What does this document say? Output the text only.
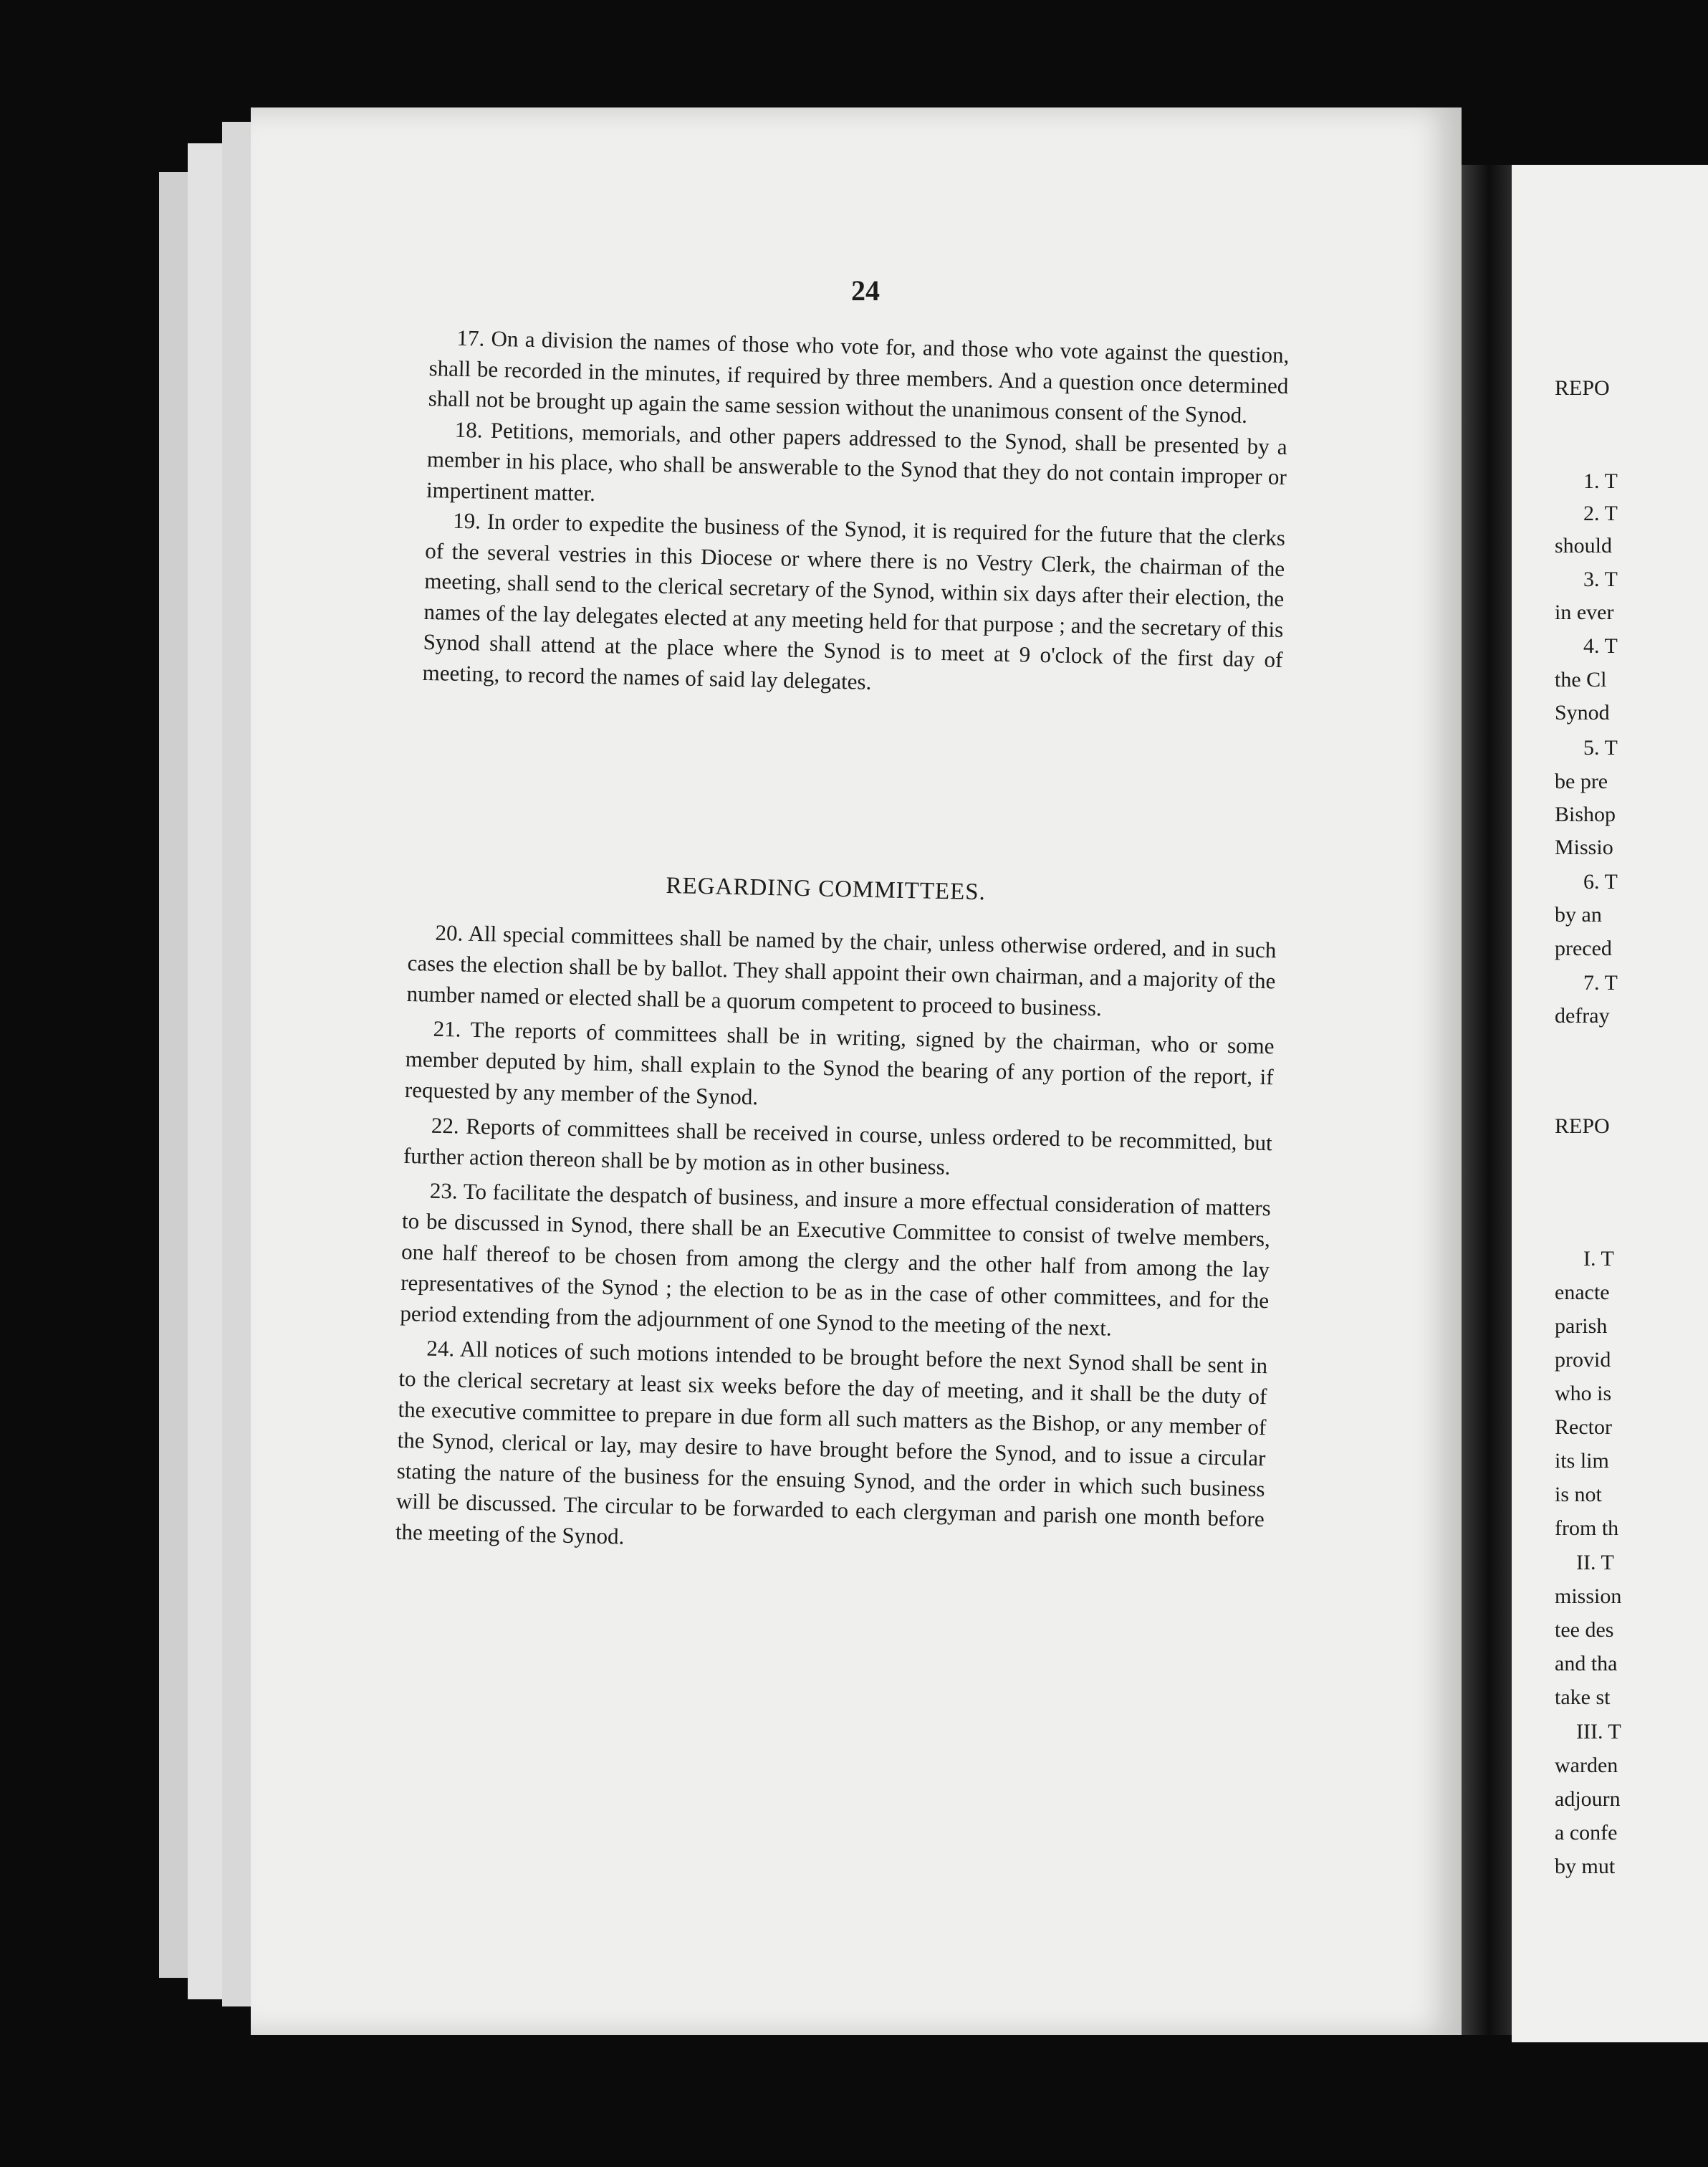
24

17. On a division the names of those who vote for, and those who vote against the question, shall be recorded in the minutes, if required by three members. And a question once determined shall not be brought up again the same session without the unanimous consent of the Synod.

18. Petitions, memorials, and other papers addressed to the Synod, shall be presented by a member in his place, who shall be answerable to the Synod that they do not contain improper or impertinent matter.

19. In order to expedite the business of the Synod, it is required for the future that the clerks of the several vestries in this Diocese or where there is no Vestry Clerk, the chairman of the meeting, shall send to the clerical secretary of the Synod, within six days after their election, the names of the lay delegates elected at any meeting held for that purpose ; and the secretary of this Synod shall attend at the place where the Synod is to meet at 9 o'clock of the first day of meeting, to record the names of said lay delegates.

REGARDING COMMITTEES.

20. All special committees shall be named by the chair, unless otherwise ordered, and in such cases the election shall be by ballot. They shall appoint their own chairman, and a majority of the number named or elected shall be a quorum competent to proceed to business.

21. The reports of committees shall be in writing, signed by the chairman, who or some member deputed by him, shall explain to the Synod the bearing of any portion of the report, if requested by any member of the Synod.

22. Reports of committees shall be received in course, unless ordered to be recommitted, but further action thereon shall be by motion as in other business.

23. To facilitate the despatch of business, and insure a more effectual consideration of matters to be discussed in Synod, there shall be an Executive Committee to consist of twelve members, one half thereof to be chosen from among the clergy and the other half from among the lay representatives of the Synod ; the election to be as in the case of other committees, and for the period extending from the adjournment of one Synod to the meeting of the next.

24. All notices of such motions intended to be brought before the next Synod shall be sent in to the clerical secretary at least six weeks before the day of meeting, and it shall be the duty of the executive committee to prepare in due form all such matters as the Bishop, or any member of the Synod, clerical or lay, may desire to have brought before the Synod, and to issue a circular stating the nature of the business for the ensuing Synod, and the order in which such business will be discussed. The circular to be forwarded to each clergyman and parish one month before the meeting of the Synod.

REPO
1. T
2. T
should
3. T
in ever
4. T
the Cl
Synod
5. T
be pre
Bishop
Missio
6. T
by an
preced
7. T
defray
REPO
I. T
enacte
parish
provid
who is
Rector
its lim
is not
from th
II. T
mission
tee des
and tha
take st
III. T
warden
adjourn
a confe
by mut
